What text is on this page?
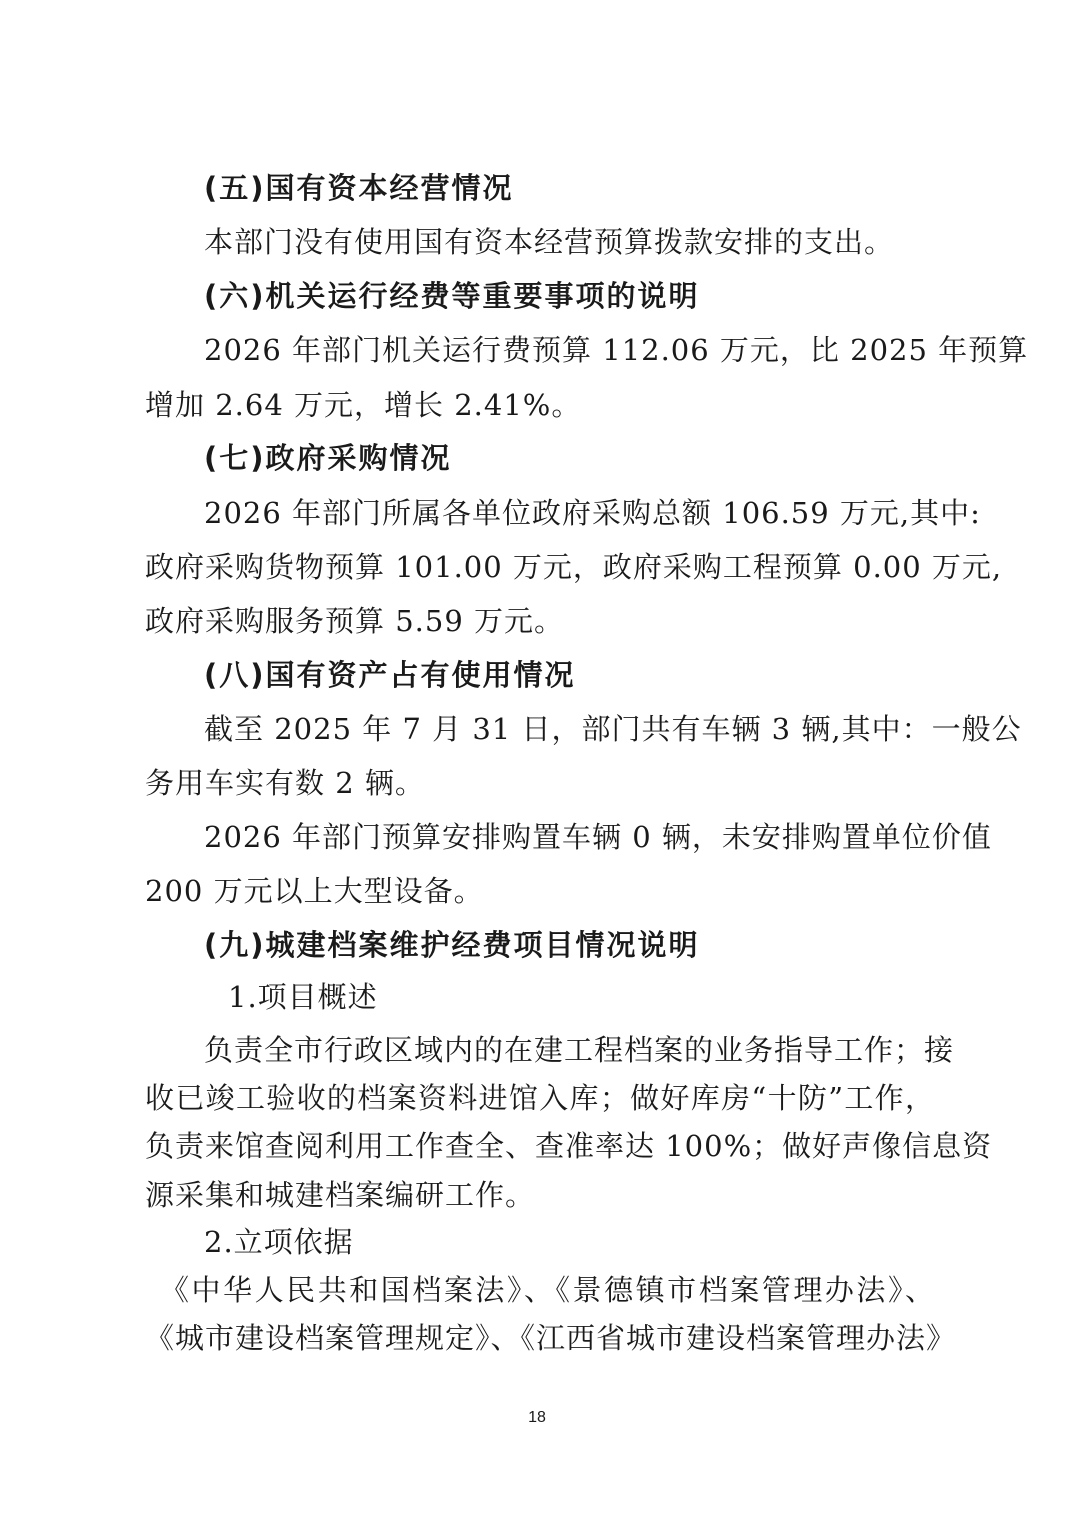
(五)国有资本经营情况
本部门没有使用国有资本经营预算拨款安排的支出。
(六)机关运行经费等重要事项的说明
2026 年部门机关运行费预算 112.06 万元，比 2025 年预算
增加 2.64 万元，增长 2.41%。
(七)政府采购情况
2026 年部门所属各单位政府采购总额 106.59 万元,其中:
政府采购货物预算 101.00 万元，政府采购工程预算 0.00 万元,
政府采购服务预算 5.59 万元。
(八)国有资产占有使用情况
截至 2025 年 7 月 31 日，部门共有车辆 3 辆,其中：一般公
务用车实有数 2 辆。
2026 年部门预算安排购置车辆 0 辆，未安排购置单位价值
200 万元以上大型设备。
(九)城建档案维护经费项目情况说明
1.项目概述
负责全市行政区域内的在建工程档案的业务指导工作；接
收已竣工验收的档案资料进馆入库；做好库房“十防”工作，
负责来馆查阅利用工作查全、查准率达 100%；做好声像信息资
源采集和城建档案编研工作。
2.立项依据
《中华人民共和国档案法》、《景德镇市档案管理办法》、
《城市建设档案管理规定》、《江西省城市建设档案管理办法》
18
